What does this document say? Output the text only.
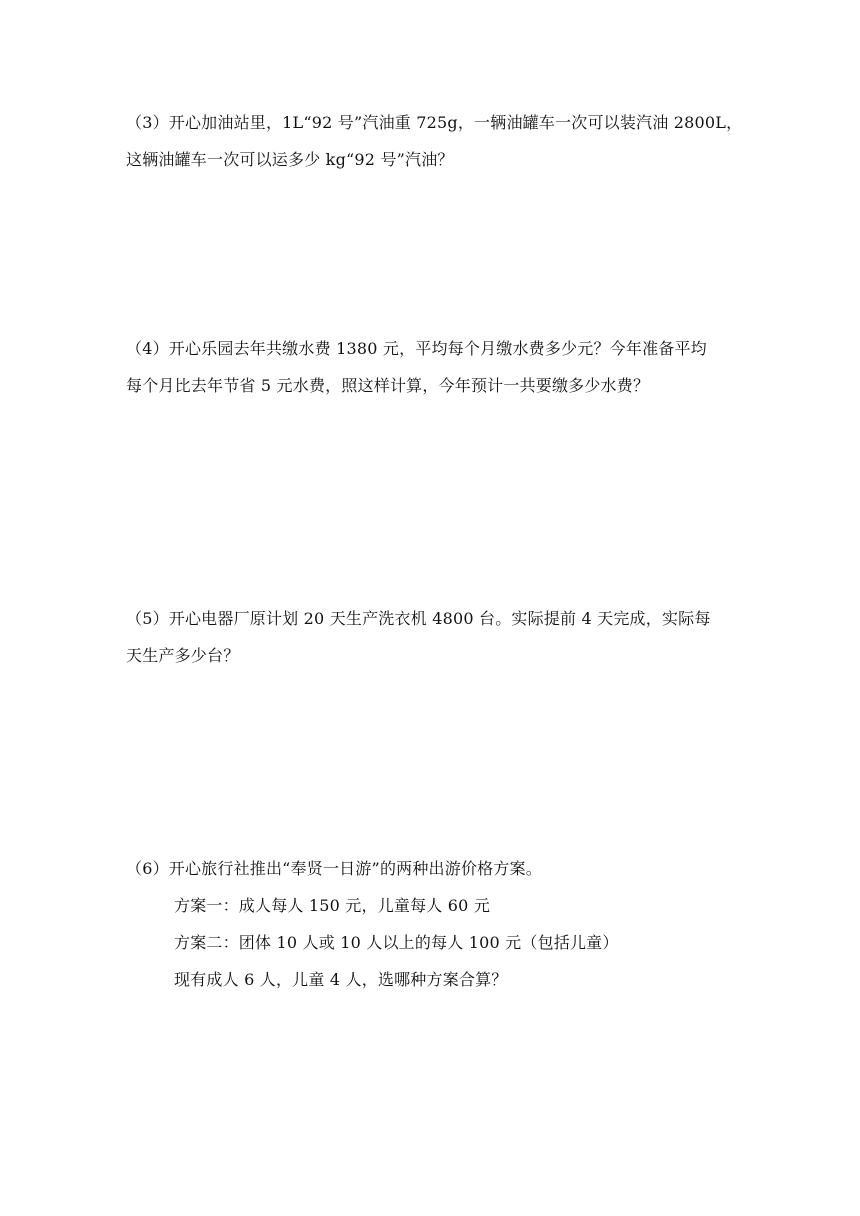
（3）开心加油站里，1L“92 号”汽油重 725g，一辆油罐车一次可以装汽油 2800L，
这辆油罐车一次可以运多少 kg“92 号”汽油？
（4）开心乐园去年共缴水费 1380 元，平均每个月缴水费多少元？今年准备平均
每个月比去年节省 5 元水费，照这样计算，今年预计一共要缴多少水费？
（5）开心电器厂原计划 20 天生产洗衣机 4800 台。实际提前 4 天完成，实际每
天生产多少台？
（6）开心旅行社推出“奉贤一日游”的两种出游价格方案。
方案一：成人每人 150 元，儿童每人 60 元
方案二：团体 10 人或 10 人以上的每人 100 元（包括儿童）
现有成人 6 人，儿童 4 人，选哪种方案合算？
